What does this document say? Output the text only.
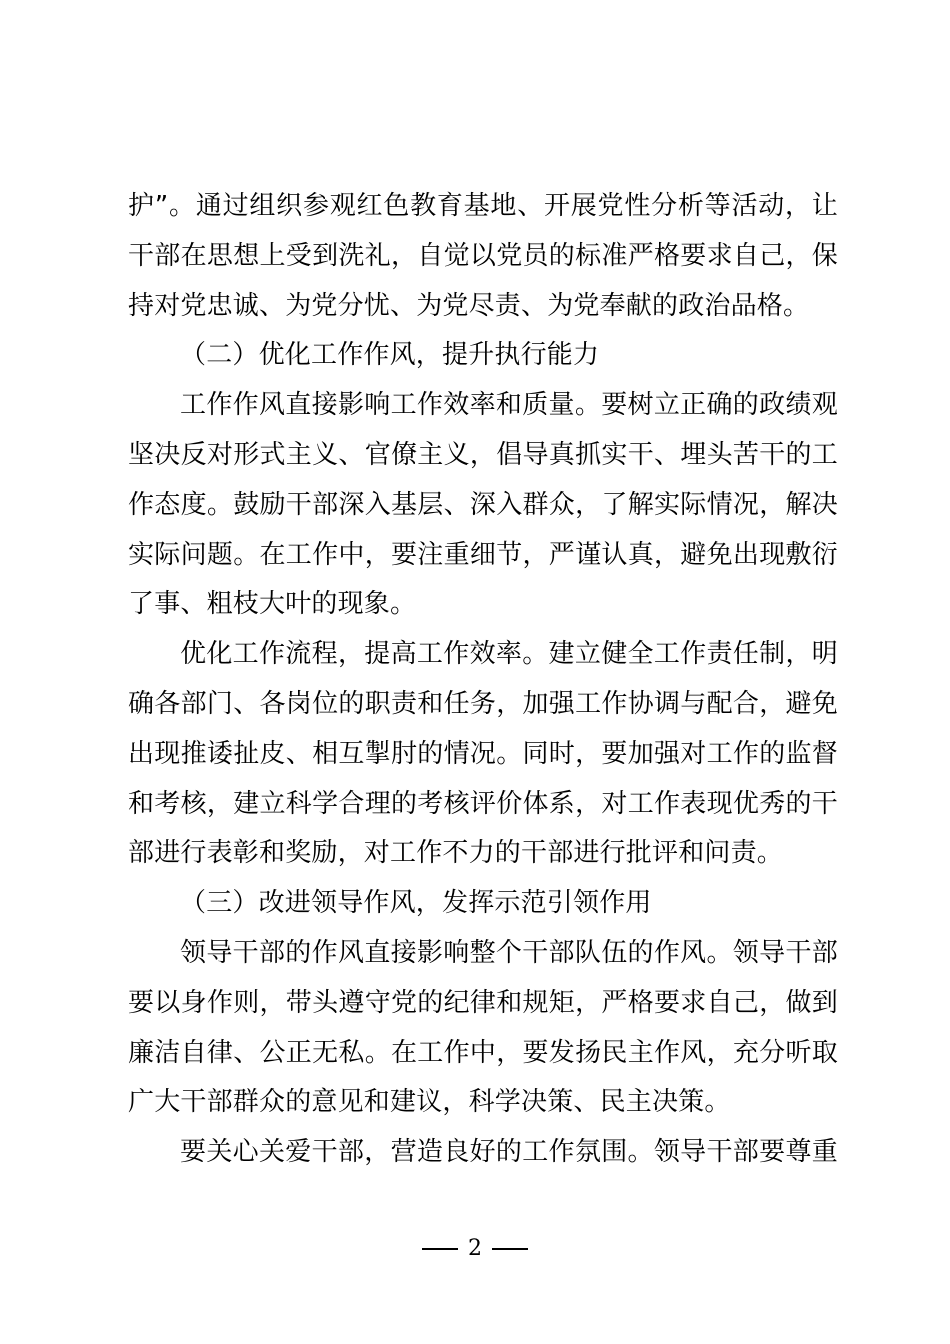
护”。通过组织参观红色教育基地、开展党性分析等活动，让
干部在思想上受到洗礼，自觉以党员的标准严格要求自己，保
持对党忠诚、为党分忧、为党尽责、为党奉献的政治品格。
（二）优化工作作风，提升执行能力
工作作风直接影响工作效率和质量。要树立正确的政绩观
坚决反对形式主义、官僚主义，倡导真抓实干、埋头苦干的工
作态度。鼓励干部深入基层、深入群众，了解实际情况，解决
实际问题。在工作中，要注重细节，严谨认真，避免出现敷衍
了事、粗枝大叶的现象。
优化工作流程，提高工作效率。建立健全工作责任制，明
确各部门、各岗位的职责和任务，加强工作协调与配合，避免
出现推诿扯皮、相互掣肘的情况。同时，要加强对工作的监督
和考核，建立科学合理的考核评价体系，对工作表现优秀的干
部进行表彰和奖励，对工作不力的干部进行批评和问责。
（三）改进领导作风，发挥示范引领作用
领导干部的作风直接影响整个干部队伍的作风。领导干部
要以身作则，带头遵守党的纪律和规矩，严格要求自己，做到
廉洁自律、公正无私。在工作中，要发扬民主作风，充分听取
广大干部群众的意见和建议，科学决策、民主决策。
要关心关爱干部，营造良好的工作氛围。领导干部要尊重
2
